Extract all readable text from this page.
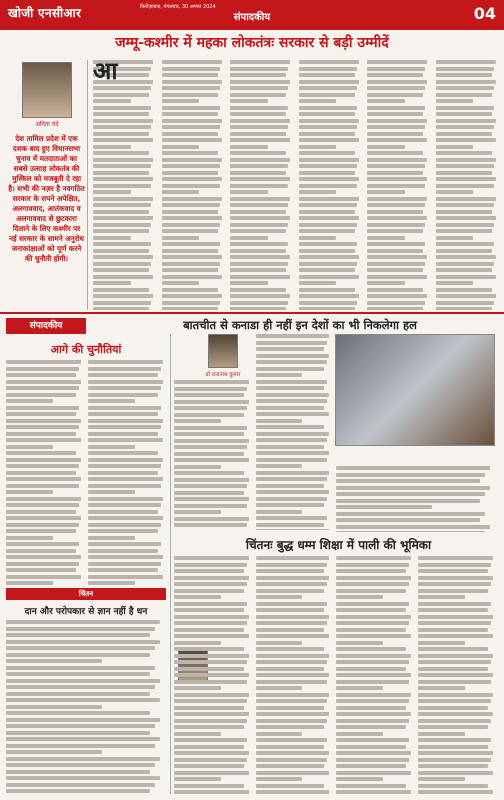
खोजी एनसीआर	फ़िरोज़ाबाद, मंगलवार, 30 अगस्त 2024
संपादकीय	04
जम्मू-कश्मीर में महका लोकतंत्रः सरकार से बड़ी उम्मीदें
अनिता चंदे
देश तामिल प्रदेश में एक दशक बाद हुए विधानसभा चुनाव में मतदाताओं का सबसे उत्साह लोकतंत्र की मुस्किल को मजबूती दे रहा है। सभी की नज़र है नवगठित सरकार के सपने अपेक्षित, अलगाववाद, आतंकवाद व अलगाववाद से छुटकारा दिलाने के लिए कश्मीर पर नई सरकार के सामने अनुरोध जनाकांक्षाओं को पूर्ण करने की चुनौती होगी।
आ
संपादकीय	बातचीत से कनाडा ही नहीं इन देशों का भी निकलेगा हल
आगे की चुनौतियां
डॉ राजनाथ कुमार
चिंतनः बुद्ध धम्म शिक्षा में पाली की भूमिका
चिंतन
दान और परोपकार से ज्ञान नहीं है धन
